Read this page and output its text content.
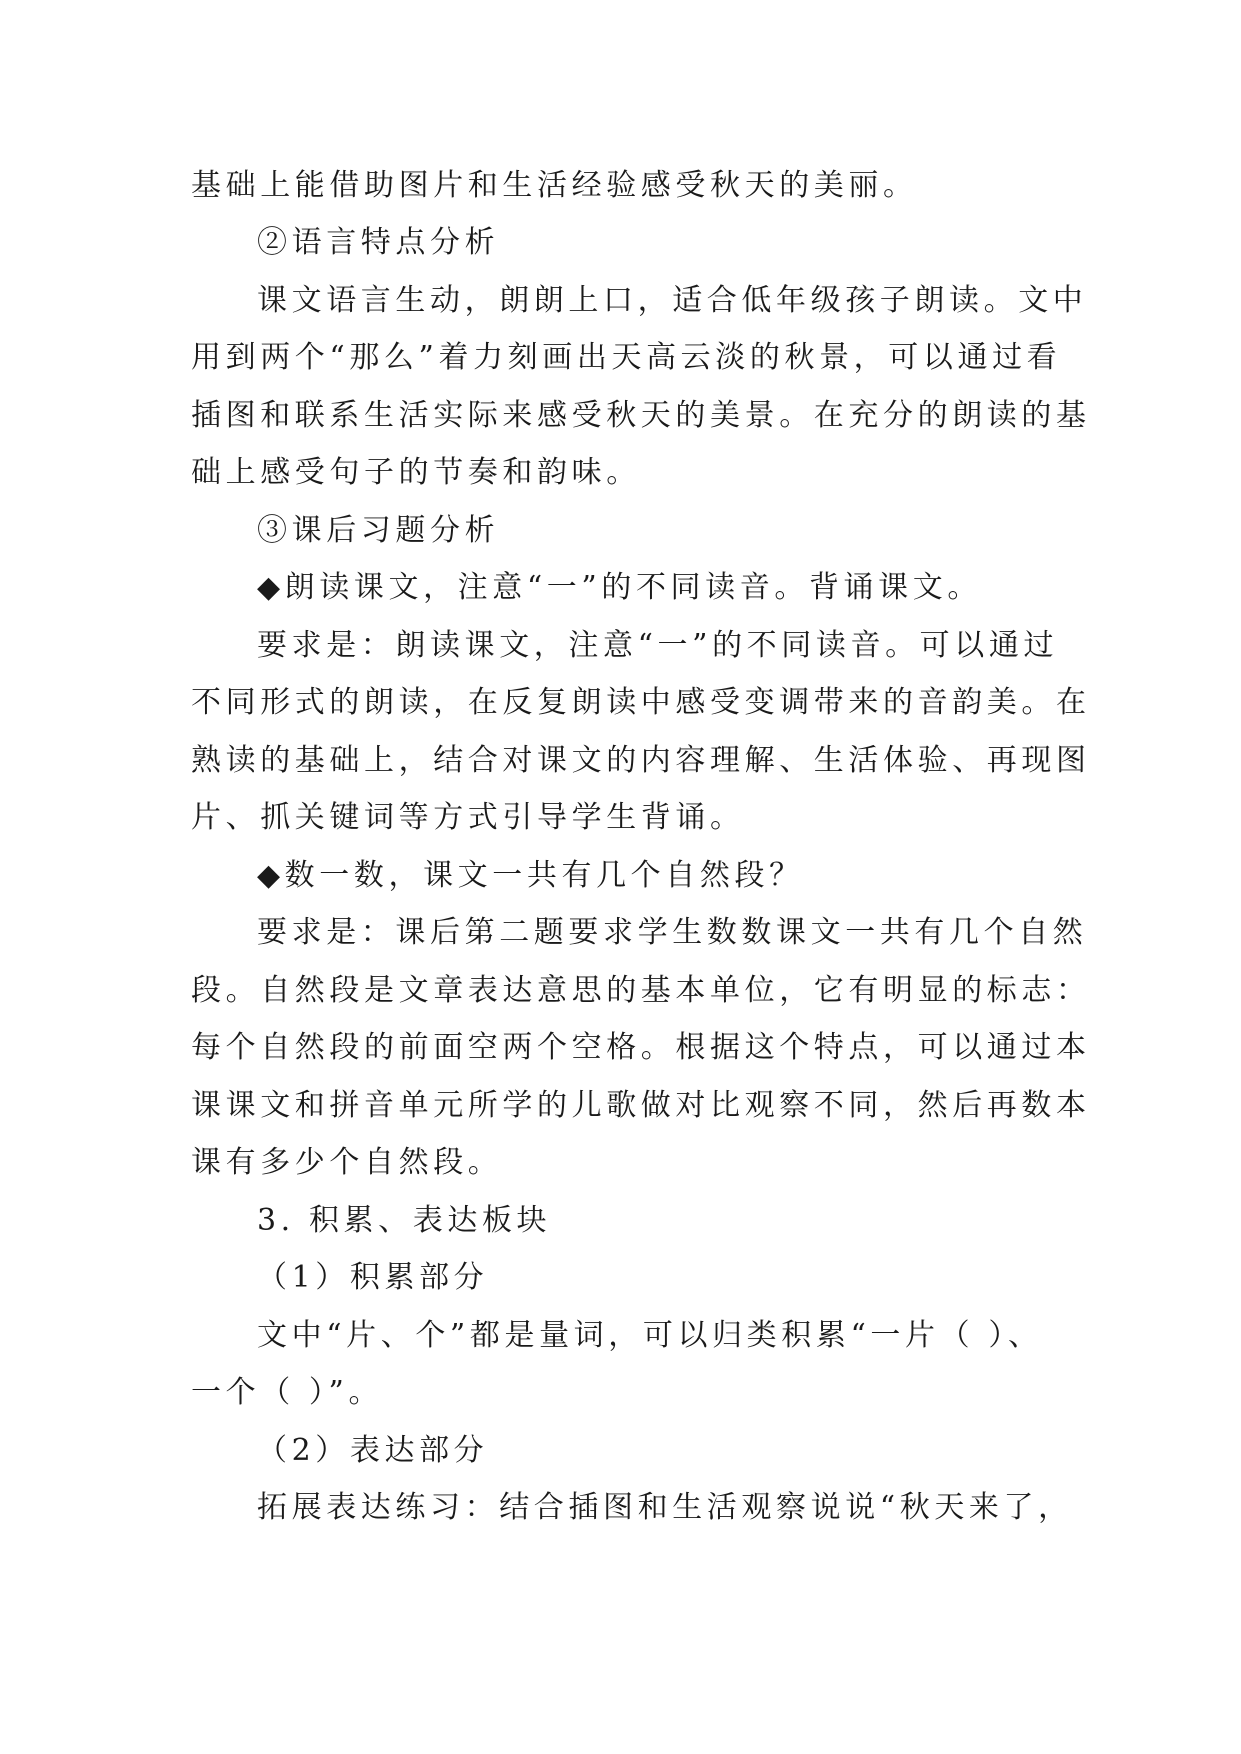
基础上能借助图片和生活经验感受秋天的美丽。

②语言特点分析

课文语言生动，朗朗上口，适合低年级孩子朗读。文中

用到两个“那么”着力刻画出天高云淡的秋景，可以通过看

插图和联系生活实际来感受秋天的美景。在充分的朗读的基

础上感受句子的节奏和韵味。

③课后习题分析

◆朗读课文，注意“一”的不同读音。背诵课文。

要求是：朗读课文，注意“一”的不同读音。可以通过

不同形式的朗读，在反复朗读中感受变调带来的音韵美。在

熟读的基础上，结合对课文的内容理解、生活体验、再现图

片、抓关键词等方式引导学生背诵。

◆数一数，课文一共有几个自然段？

要求是：课后第二题要求学生数数课文一共有几个自然

段。自然段是文章表达意思的基本单位，它有明显的标志：

每个自然段的前面空两个空格。根据这个特点，可以通过本

课课文和拼音单元所学的儿歌做对比观察不同，然后再数本

课有多少个自然段。

3. 积累、表达板块

（1）积累部分

文中“片、个”都是量词，可以归类积累“一片（ ）、

一个（ ）”。

（2）表达部分

拓展表达练习：结合插图和生活观察说说“秋天来了，
